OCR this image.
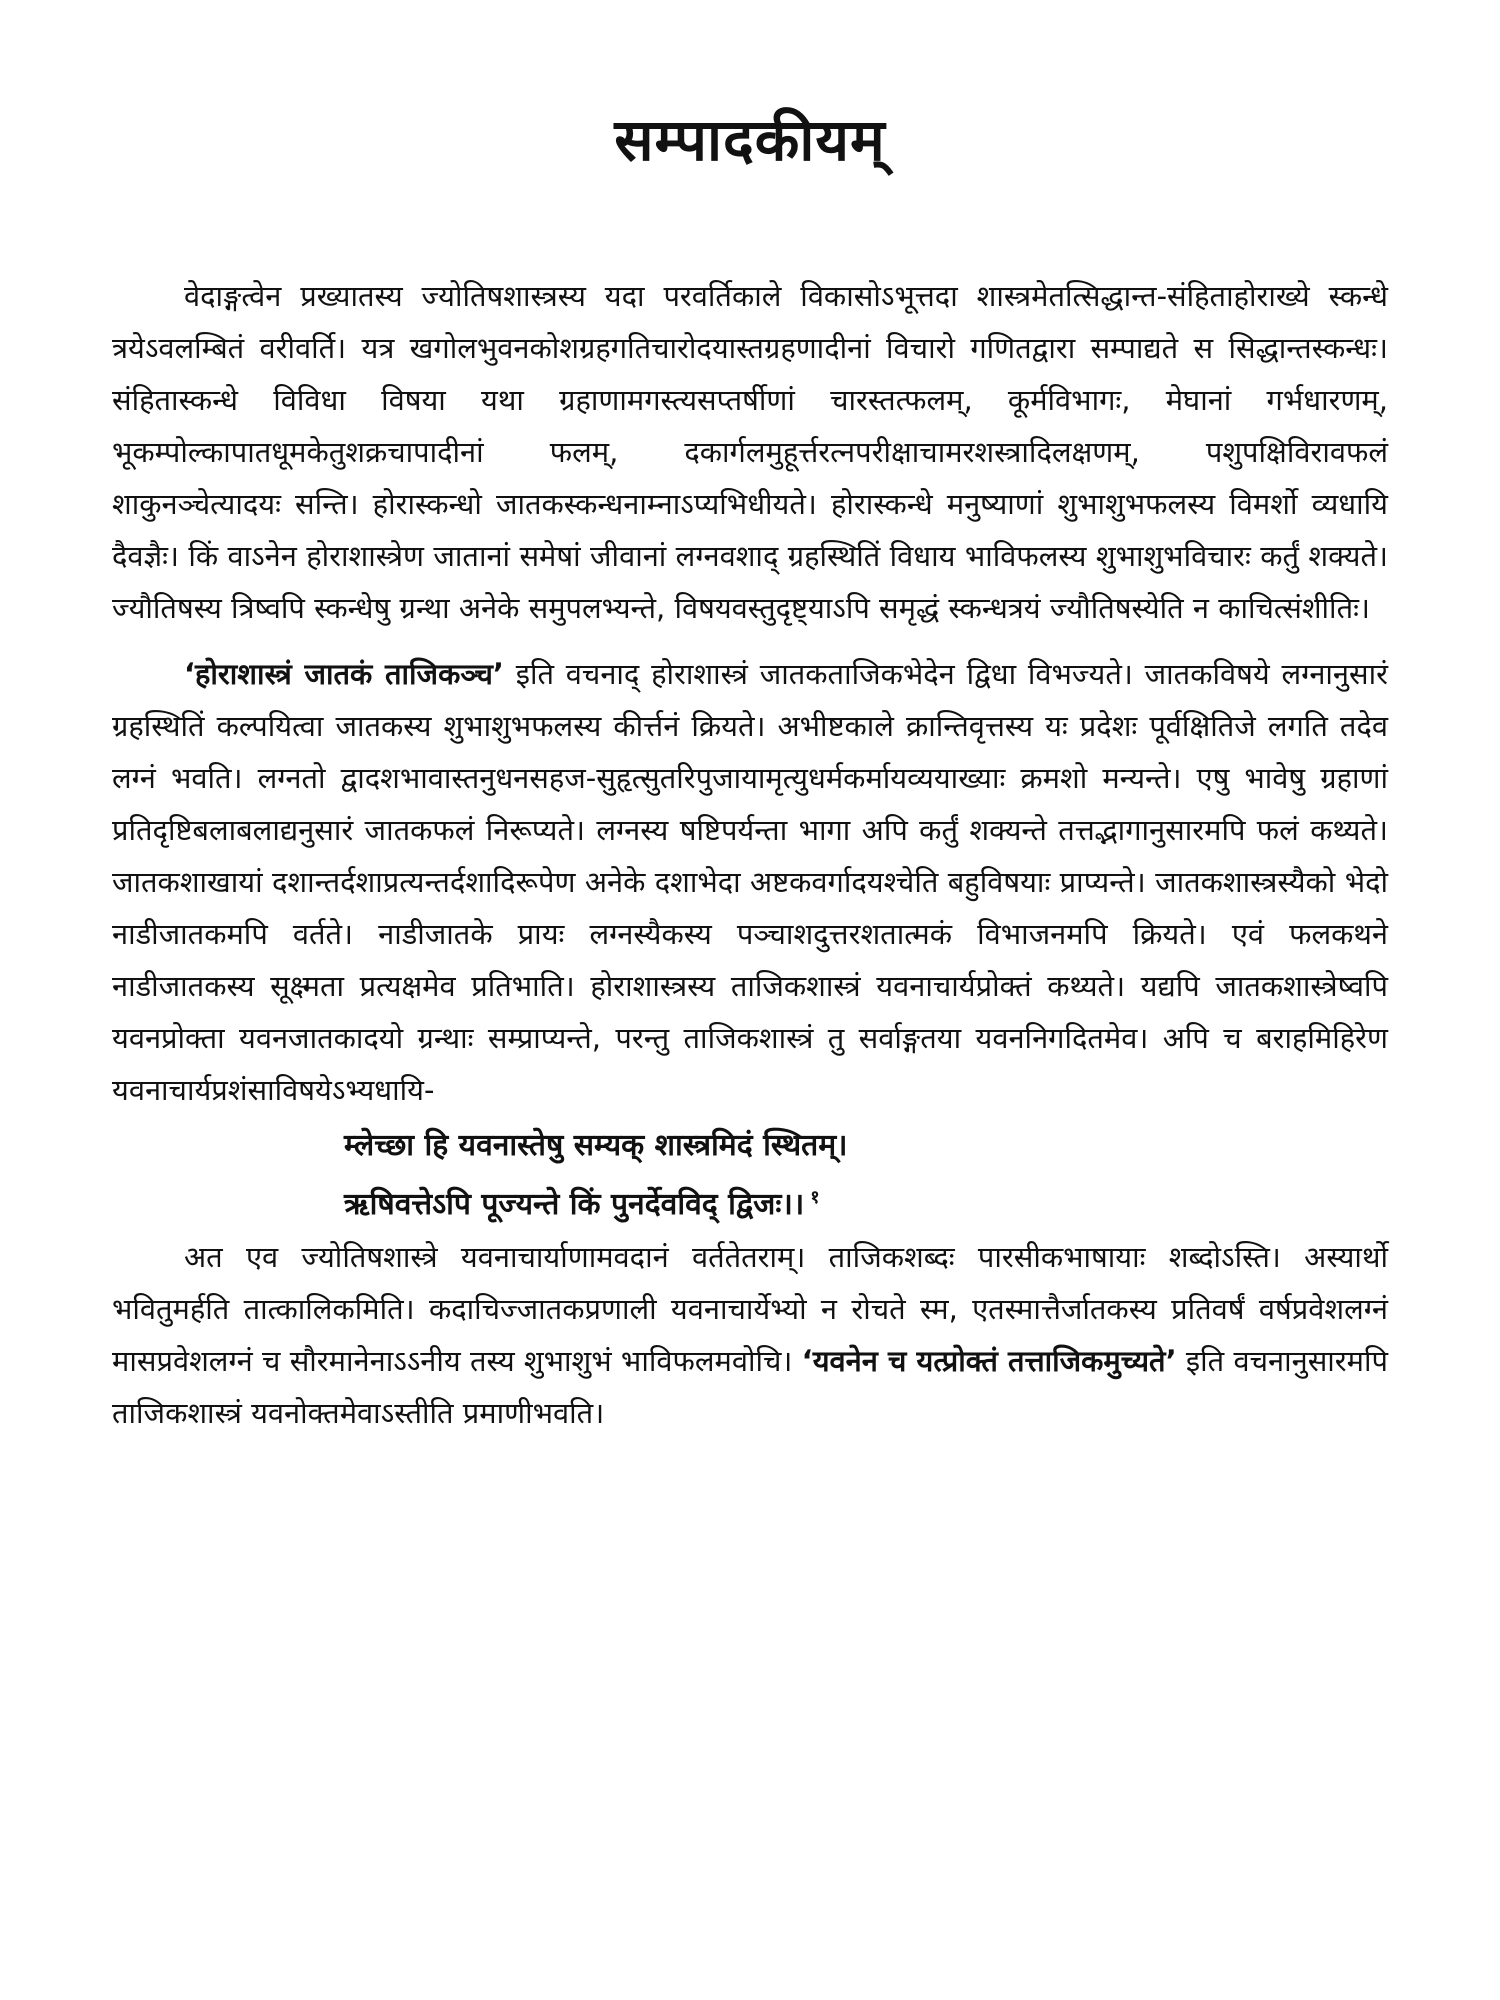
सम्पादकीयम्

वेदाङ्गत्वेन प्रख्यातस्य ज्योतिषशास्त्रस्य यदा परवर्तिकाले विकासोऽभूत्तदा शास्त्रमेतत्सिद्धान्त-संहिताहोराख्ये स्कन्धे त्रयेऽवलम्बितं वरीवर्ति। यत्र खगोलभुवनकोशग्रहगतिचारोदयास्तग्रहणादीनां विचारो गणितद्वारा सम्पाद्यते स सिद्धान्तस्कन्धः। संहितास्कन्धे विविधा विषया यथा ग्रहाणामगस्त्यसप्तर्षीणां चारस्तत्फलम्, कूर्मविभागः, मेघानां गर्भधारणम्, भूकम्पोल्कापातधूमकेतुशक्रचापादीनां फलम्, दकार्गलमुहूर्त्तरत्नपरीक्षाचामरशस्त्रादिलक्षणम्, पशुपक्षिविरावफलं शाकुनञ्चेत्यादयः सन्ति। होरास्कन्धो जातकस्कन्धनाम्नाऽप्यभिधीयते। होरास्कन्धे मनुष्याणां शुभाशुभफलस्य विमर्शो व्यधायि दैवज्ञैः। किं वाऽनेन होराशास्त्रेण जातानां समेषां जीवानां लग्नवशाद् ग्रहस्थितिं विधाय भाविफलस्य शुभाशुभविचारः कर्तुं शक्यते। ज्यौतिषस्य त्रिष्वपि स्कन्धेषु ग्रन्था अनेके समुपलभ्यन्ते, विषयवस्तुदृष्ट्याऽपि समृद्धं स्कन्धत्रयं ज्यौतिषस्येति न काचित्संशीतिः।

‘होराशास्त्रं जातकं ताजिकञ्च’ इति वचनाद् होराशास्त्रं जातकताजिकभेदेन द्विधा विभज्यते। जातकविषये लग्नानुसारं ग्रहस्थितिं कल्पयित्वा जातकस्य शुभाशुभफलस्य कीर्त्तनं क्रियते। अभीष्टकाले क्रान्तिवृत्तस्य यः प्रदेशः पूर्वक्षितिजे लगति तदेव लग्नं भवति। लग्नतो द्वादशभावास्तनुधनसहज-सुहृत्सुतरिपुजायामृत्युधर्मकर्मायव्ययाख्याः क्रमशो मन्यन्ते। एषु भावेषु ग्रहाणां प्रतिदृष्टिबलाबलाद्यनुसारं जातकफलं निरूप्यते। लग्नस्य षष्टिपर्यन्ता भागा अपि कर्तुं शक्यन्ते तत्तद्भागानुसारमपि फलं कथ्यते। जातकशाखायां दशान्तर्दशाप्रत्यन्तर्दशादिरूपेण अनेके दशाभेदा अष्टकवर्गादयश्चेति बहुविषयाः प्राप्यन्ते। जातकशास्त्रस्यैको भेदो नाडीजातकमपि वर्तते। नाडीजातके प्रायः लग्नस्यैकस्य पञ्चाशदुत्तरशतात्मकं विभाजनमपि क्रियते। एवं फलकथने नाडीजातकस्य सूक्ष्मता प्रत्यक्षमेव प्रतिभाति। होराशास्त्रस्य ताजिकशास्त्रं यवनाचार्यप्रोक्तं कथ्यते। यद्यपि जातकशास्त्रेष्वपि यवनप्रोक्ता यवनजातकादयो ग्रन्थाः सम्प्राप्यन्ते, परन्तु ताजिकशास्त्रं तु सर्वाङ्गतया यवननिगदितमेव। अपि च बराहमिहिरेण यवनाचार्यप्रशंसाविषयेऽभ्यधायि-

म्लेच्छा हि यवनास्तेषु सम्यक् शास्त्रमिदं स्थितम्।
ऋषिवत्तेऽपि पूज्यन्ते किं पुनर्देवविद् द्विजः।। $^१$

अत एव ज्योतिषशास्त्रे यवनाचार्याणामवदानं वर्ततेतराम्। ताजिकशब्दः पारसीकभाषायाः शब्दोऽस्ति। अस्यार्थो भवितुमर्हति तात्कालिकमिति। कदाचिज्जातकप्रणाली यवनाचार्येभ्यो न रोचते स्म, एतस्मात्तैर्जातकस्य प्रतिवर्षं वर्षप्रवेशलग्नं मासप्रवेशलग्नं च सौरमानेनाऽऽनीय तस्य शुभाशुभं भाविफलमवोचि। ‘यवनेन च यत्प्रोक्तं तत्ताजिकमुच्यते’ इति वचनानुसारमपि ताजिकशास्त्रं यवनोक्तमेवाऽस्तीति प्रमाणीभवति।
